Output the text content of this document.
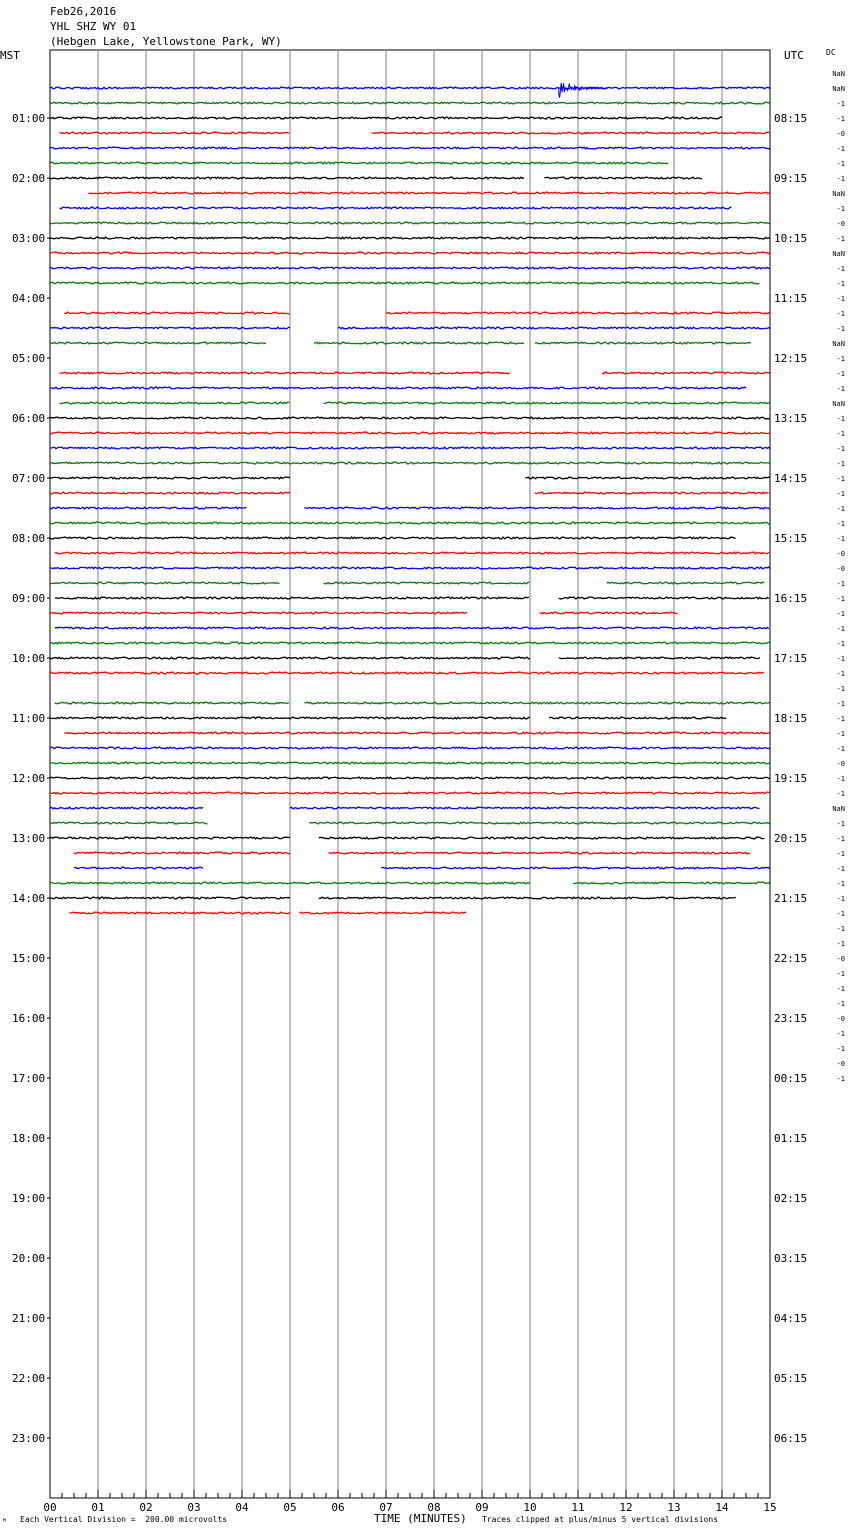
Feb26,2016
YHL SHZ WY 01
(Hebgen Lake, Yellowstone Park, WY)
MST	UTC	DC
01:00
02:00
03:00
04:00
05:00
06:00
07:00
08:00
09:00
10:00
11:00
12:00
13:00
14:00
15:00
16:00
17:00
18:00
19:00
20:00
21:00
22:00
23:00
08:15
09:15
10:15
11:15
12:15
13:15
14:15
15:15
16:15
17:15
18:15
19:15
20:15
21:15
22:15
23:15
00:15
01:15
02:15
03:15
04:15
05:15
06:15
NaN
NaN
-1
-1
-0
-1
-1
-1
NaN
-1
-0
-1
NaN
-1
-1
-1
-1
-1
NaN
-1
-1
-1
NaN
-1
-1
-1
-1
-1
-1
-1
-1
-1
-0
-0
-1
-1
-1
-1
-1
-1
-1
-1
-1
-1
-1
-1
-0
-1
-1
NaN
-1
-1
-1
-1
-1
-1
-1
-1
-1
-0
-1
-1
-1
-0
-1
-1
-0
-1
00	01	02	03	04	05	06	07	08	09	10	11	12	13	14	15
ᴹ Each Vertical Division =  200.00 microvolts	TIME (MINUTES) Traces clipped at plus/minus 5 vertical divisions
